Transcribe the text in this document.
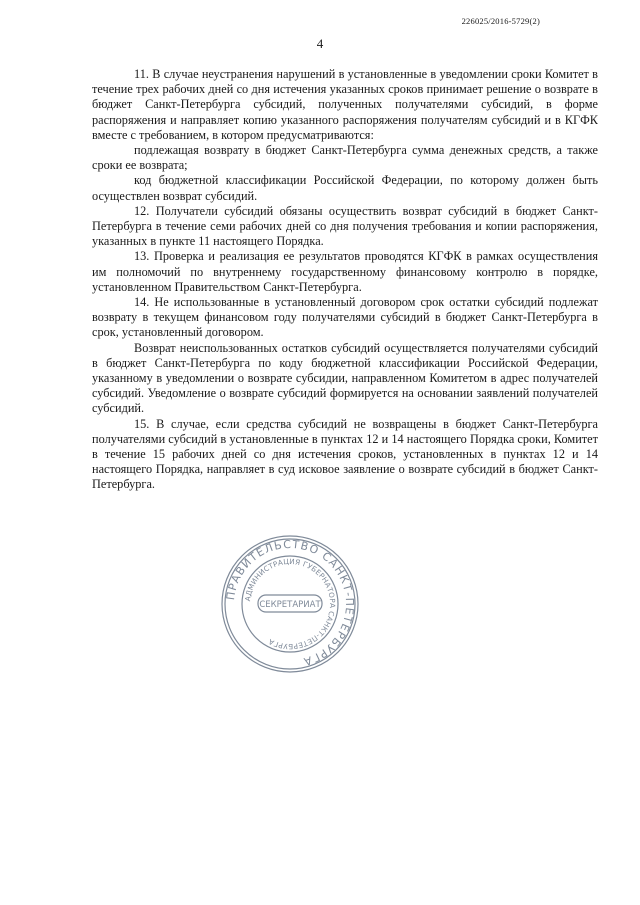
226025/2016-5729(2)
4

11. В случае неустранения нарушений в установленные в уведомлении сроки Комитет в течение трех рабочих дней со дня истечения указанных сроков принимает решение о возврате в бюджет Санкт-Петербурга субсидий, полученных получателями субсидий, в форме распоряжения и направляет копию указанного распоряжения получателям субсидий и в КГФК вместе с требованием, в котором предусматриваются:

подлежащая возврату в бюджет Санкт-Петербурга сумма денежных средств, а также сроки ее возврата;

код бюджетной классификации Российской Федерации, по которому должен быть осуществлен возврат субсидий.

12. Получатели субсидий обязаны осуществить возврат субсидий в бюджет Санкт-Петербурга в течение семи рабочих дней со дня получения требования и копии распоряжения, указанных в пункте 11 настоящего Порядка.

13. Проверка и реализация ее результатов проводятся КГФК в рамках осуществления им полномочий по внутреннему государственному финансовому контролю в порядке, установленном Правительством Санкт-Петербурга.

14. Не использованные в установленный договором срок остатки субсидий подлежат возврату в текущем финансовом году получателями субсидий в бюджет Санкт-Петербурга в срок, установленный договором.

Возврат неиспользованных остатков субсидий осуществляется получателями субсидий в бюджет Санкт-Петербурга по коду бюджетной классификации Российской Федерации, указанному в уведомлении о возврате субсидии, направленном Комитетом в адрес получателей субсидий. Уведомление о возврате субсидий формируется на основании заявлений получателей субсидий.

15. В случае, если средства субсидий не возвращены в бюджет Санкт-Петербурга получателями субсидий в установленные в пунктах 12 и 14 настоящего Порядка сроки, Комитет в течение 15 рабочих дней со дня истечения сроков, установленных в пунктах 12 и 14 настоящего Порядка, направляет в суд исковое заявление о возврате субсидий в бюджет Санкт-Петербурга.

ПРАВИТЕЛЬСТВО САНКТ-ПЕТЕРБУРГА
АДМИНИСТРАЦИЯ ГУБЕРНАТОРА САНКТ-ПЕТЕРБУРГА
СЕКРЕТАРИАТ
